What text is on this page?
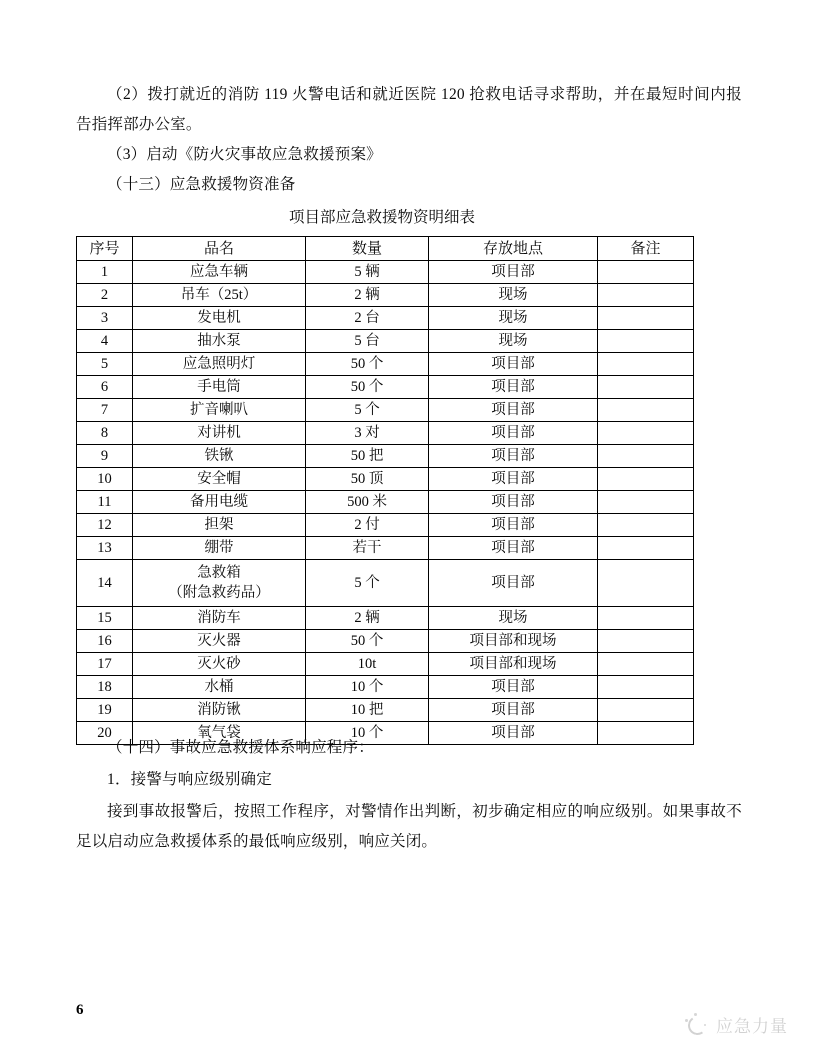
（2）拨打就近的消防 119 火警电话和就近医院 120 抢救电话寻求帮助，并在最短时间内报告指挥部办公室。
（3）启动《防火灾事故应急救援预案》
（十三）应急救援物资准备
项目部应急救援物资明细表
序号	品名	数量	存放地点	备注
1	应急车辆	5 辆	项目部	
2	吊车（25t）	2 辆	现场	
3	发电机	2 台	现场	
4	抽水泵	5 台	现场	
5	应急照明灯	50 个	项目部	
6	手电筒	50 个	项目部	
7	扩音喇叭	5 个	项目部	
8	对讲机	3 对	项目部	
9	铁锹	50 把	项目部	
10	安全帽	50 顶	项目部	
11	备用电缆	500 米	项目部	
12	担架	2 付	项目部	
13	绷带	若干	项目部	
14	急救箱
（附急救药品）	5 个	项目部	
15	消防车	2 辆	现场	
16	灭火器	50 个	项目部和现场	
17	灭火砂	10t	项目部和现场	
18	水桶	10 个	项目部	
19	消防锹	10 把	项目部	
20	氧气袋	10 个	项目部	
（十四）事故应急救援体系响应程序：
1．接警与响应级别确定
接到事故报警后，按照工作程序，对警情作出判断，初步确定相应的响应级别。如果事故不足以启动应急救援体系的最低响应级别，响应关闭。
6
应急力量
